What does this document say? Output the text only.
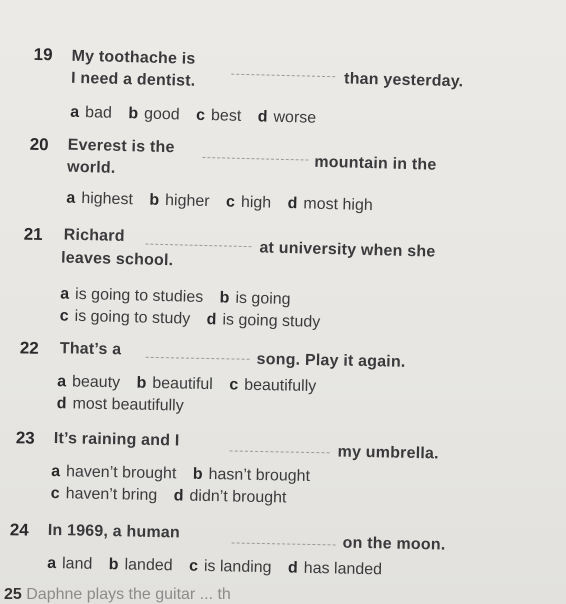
19 My toothache is
than yesterday.
I need a dentist.
a bad b good c best d worse
20 Everest is the
mountain in the
world.
a highest b higher c high d most high
21 Richard
at university when she
leaves school.
a is going to studies b is going
c is going to study d is going study
22 That’s a
song. Play it again.
a beauty b beautiful c beautifully
d most beautifully
23 It’s raining and I
my umbrella.
a haven’t brought b hasn’t brought
c haven’t bring d didn’t brought
24 In 1969, a human
on the moon.
a land b landed c is landing d has landed
25 Daphne plays the guitar ... th
